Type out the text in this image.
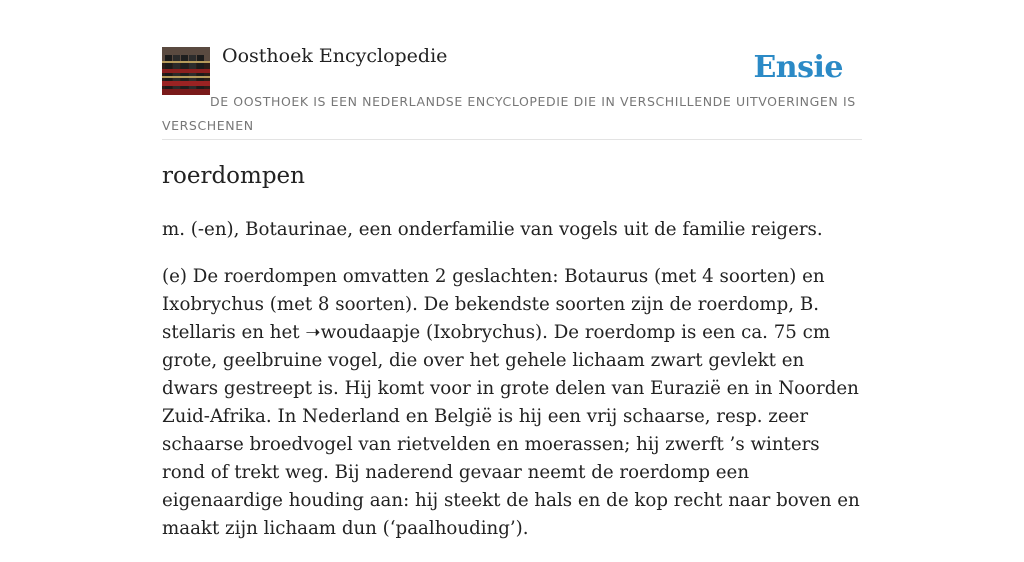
Oosthoek Encyclopedie	Ensie
DE OOSTHOEK IS EEN NEDERLANDSE ENCYCLOPEDIE DIE IN VERSCHILLENDE UITVOERINGEN IS VERSCHENEN
roerdompen

m. (-en), Botaurinae, een onderfamilie van vogels uit de familie reigers.

(e) De roerdompen omvatten 2 geslachten: Botaurus (met 4 soorten) en Ixobrychus (met 8 soorten). De bekendste soorten zijn de roerdomp, B. stellaris en het ➝woudaapje (Ixobrychus). De roerdomp is een ca. 75 cm grote, geelbruine vogel, die over het gehele lichaam zwart gevlekt en dwars gestreept is. Hij komt voor in grote delen van Eurazië en in Noorden Zuid-Afrika. In Nederland en België is hij een vrij schaarse, resp. zeer schaarse broedvogel van rietvelden en moerassen; hij zwerft ’s winters rond of trekt weg. Bij naderend gevaar neemt de roerdomp een eigenaardige houding aan: hij steekt de hals en de kop recht naar boven en maakt zijn lichaam dun (‘paalhouding’).
